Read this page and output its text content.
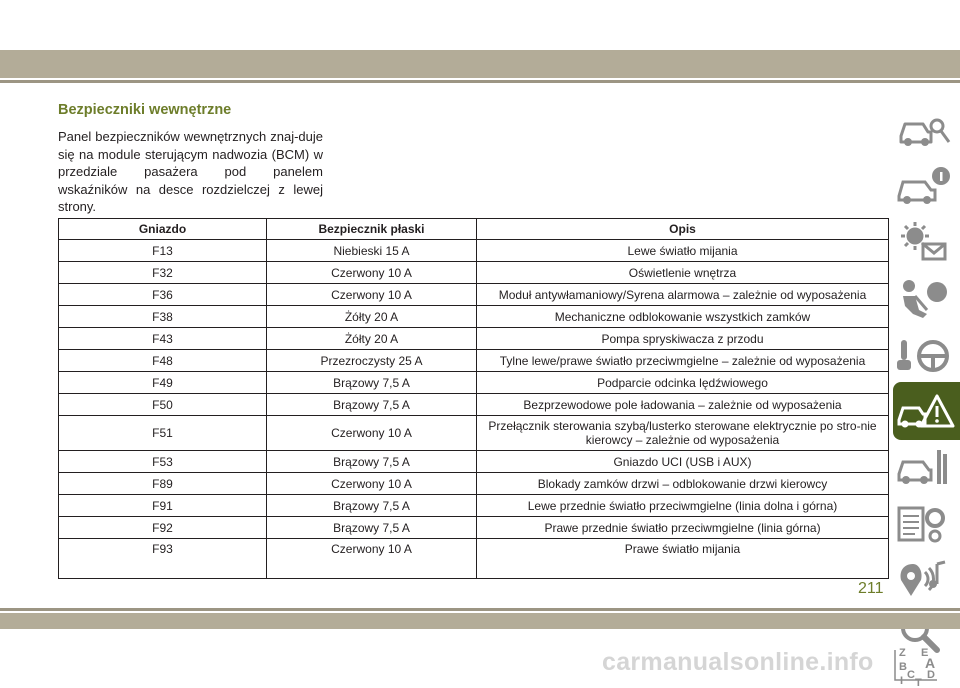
Bezpieczniki wewnętrzne

Panel bezpieczników wewnętrznych znaj-duje się na module sterującym nadwozia (BCM) w przedziale pasażera pod panelem wskaźników na desce rozdzielczej z lewej strony.

Gniazdo	Bezpiecznik płaski	Opis
F13	Niebieski 15 A	Lewe światło mijania
F32	Czerwony 10 A	Oświetlenie wnętrza
F36	Czerwony 10 A	Moduł antywłamaniowy/Syrena alarmowa – zależnie od wyposażenia
F38	Żółty 20 A	Mechaniczne odblokowanie wszystkich zamków
F43	Żółty 20 A	Pompa spryskiwacza z przodu
F48	Przezroczysty 25 A	Tylne lewe/prawe światło przeciwmgielne – zależnie od wyposażenia
F49	Brązowy 7,5 A	Podparcie odcinka lędźwiowego
F50	Brązowy 7,5 A	Bezprzewodowe pole ładowania – zależnie od wyposażenia
F51	Czerwony 10 A	Przełącznik sterowania szybą/lusterko sterowane elektrycznie po stro-nie kierowcy – zależnie od wyposażenia
F53	Brązowy 7,5 A	Gniazdo UCI (USB i AUX)
F89	Czerwony 10 A	Blokady zamków drzwi – odblokowanie drzwi kierowcy
F91	Brązowy 7,5 A	Lewe przednie światło przeciwmgielne (linia dolna i górna)
F92	Brązowy 7,5 A	Prawe przednie światło przeciwmgielne (linia górna)
F93	Czerwony 10 A	Prawe światło mijania
Z
B
C
E
A
D
I T
211
carmanualsonline.info
